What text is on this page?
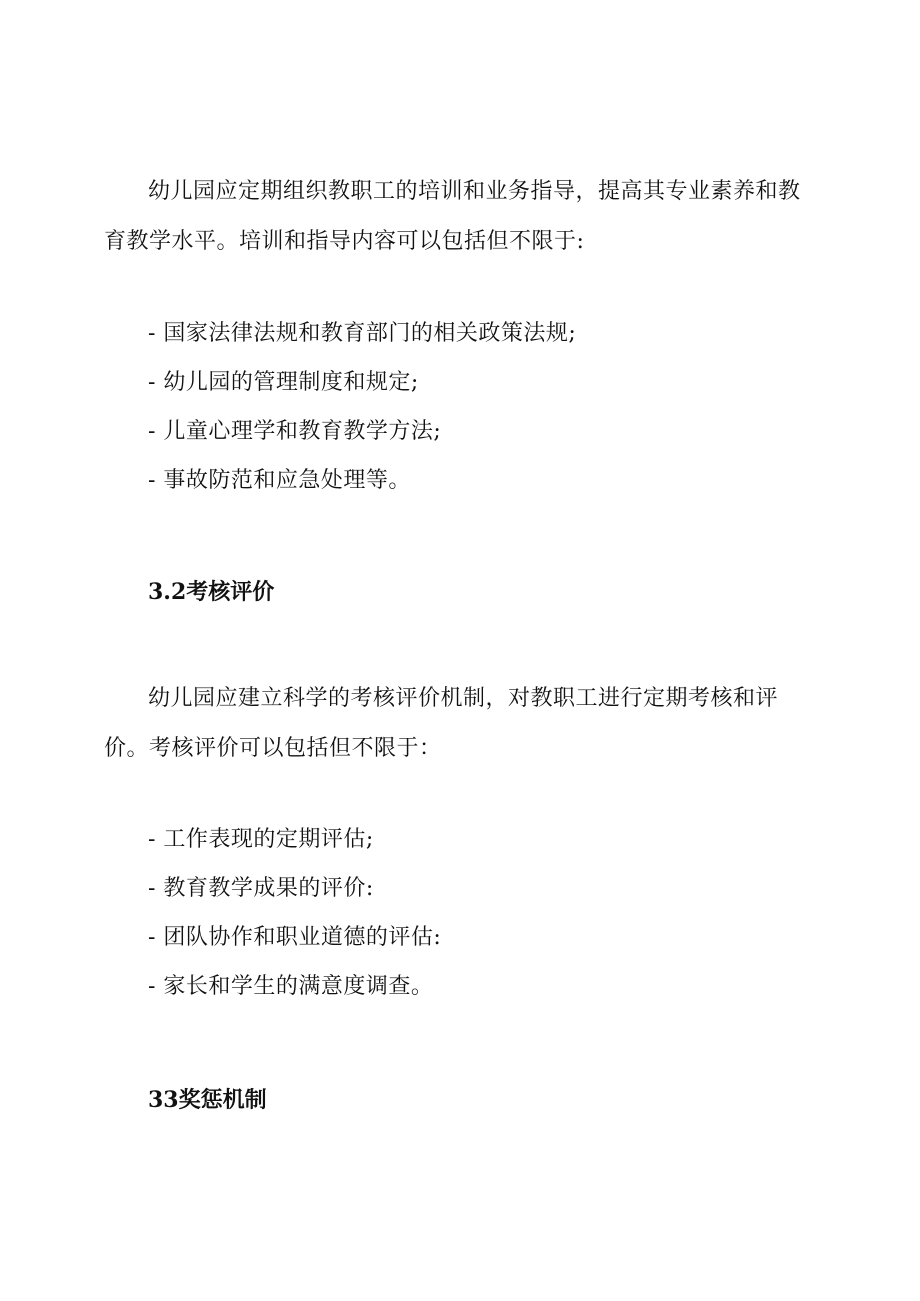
幼儿园应定期组织教职工的培训和业务指导，提高其专业素养和教育教学水平。培训和指导内容可以包括但不限于:

- 国家法律法规和教育部门的相关政策法规;
- 幼儿园的管理制度和规定;
- 儿童心理学和教育教学方法;
- 事故防范和应急处理等。
3.2考核评价

幼儿园应建立科学的考核评价机制，对教职工进行定期考核和评价。考核评价可以包括但不限于：

- 工作表现的定期评估;
- 教育教学成果的评价:
- 团队协作和职业道德的评估:
- 家长和学生的满意度调查。
33奖惩机制
